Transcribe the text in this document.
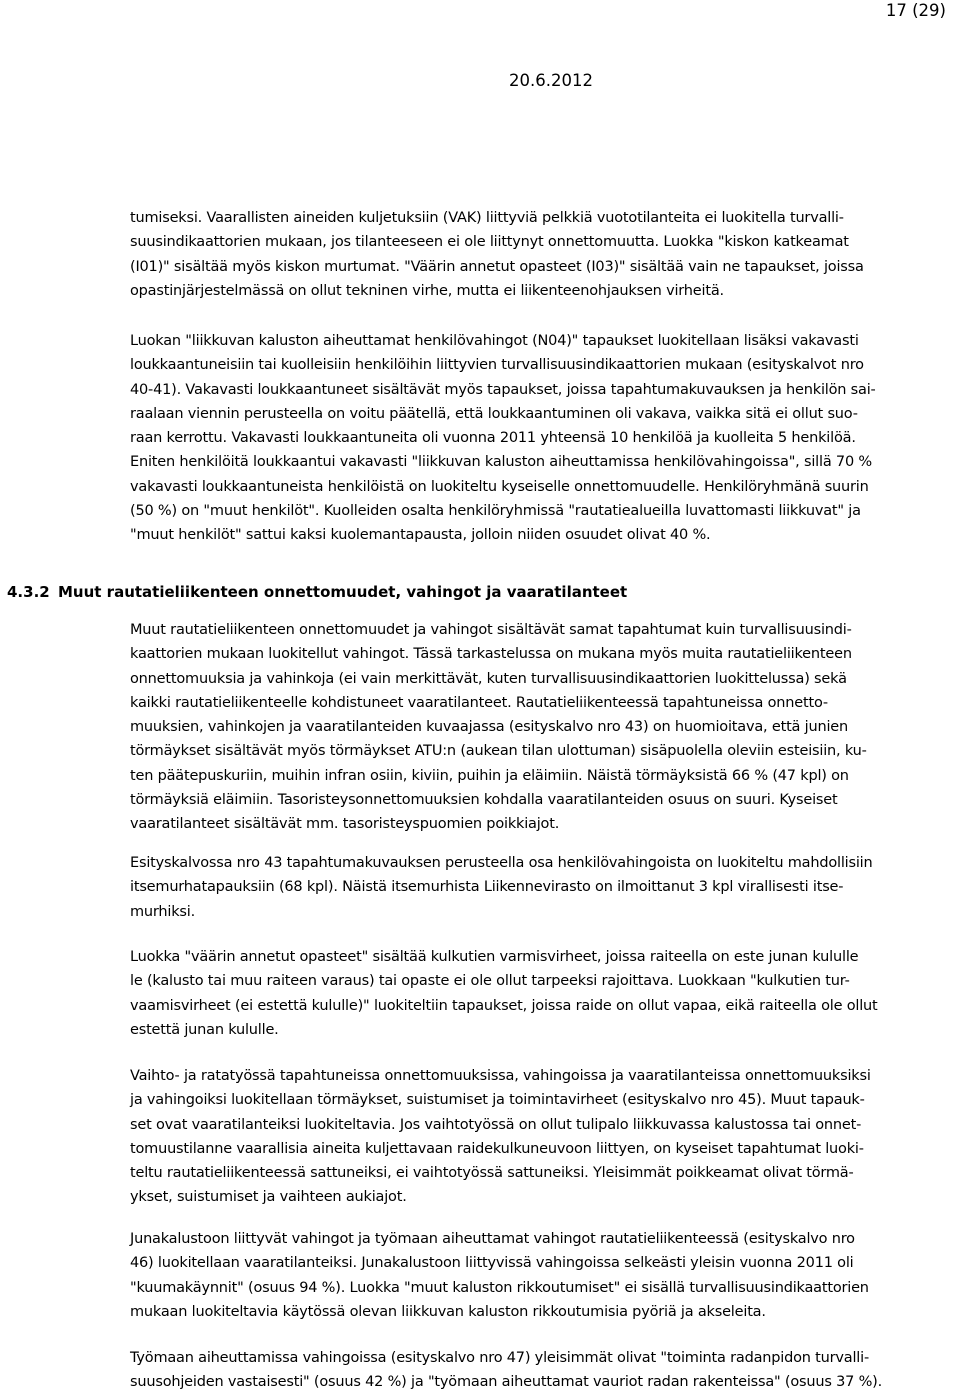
17 (29)
20.6.2012

tumiseksi. Vaarallisten aineiden kuljetuksiin (VAK) liittyviä pelkkiä vuototilanteita ei luokitella turvalli-
suusindikaattorien mukaan, jos tilanteeseen ei ole liittynyt onnettomuutta. Luokka "kiskon katkeamat
(I01)" sisältää myös kiskon murtumat. "Väärin annetut opasteet (I03)" sisältää vain ne tapaukset, joissa
opastinjärjestelmässä on ollut tekninen virhe, mutta ei liikenteenohjauksen virheitä.

Luokan "liikkuvan kaluston aiheuttamat henkilövahingot (N04)" tapaukset luokitellaan lisäksi vakavasti
loukkaantuneisiin tai kuolleisiin henkilöihin liittyvien turvallisuusindikaattorien mukaan (esityskalvot nro
40-41). Vakavasti loukkaantuneet sisältävät myös tapaukset, joissa tapahtumakuvauksen ja henkilön sai-
raalaan viennin perusteella on voitu päätellä, että loukkaantuminen oli vakava, vaikka sitä ei ollut suo-
raan kerrottu. Vakavasti loukkaantuneita oli vuonna 2011 yhteensä 10 henkilöä ja kuolleita 5 henkilöä.
Eniten henkilöitä loukkaantui vakavasti "liikkuvan kaluston aiheuttamissa henkilövahingoissa", sillä 70 %
vakavasti loukkaantuneista henkilöistä on luokiteltu kyseiselle onnettomuudelle. Henkilöryhmänä suurin
(50 %) on "muut henkilöt". Kuolleiden osalta henkilöryhmissä "rautatiealueilla luvattomasti liikkuvat" ja
"muut henkilöt" sattui kaksi kuolemantapausta, jolloin niiden osuudet olivat 40 %.

4.3.2 Muut rautatieliikenteen onnettomuudet, vahingot ja vaaratilanteet

Muut rautatieliikenteen onnettomuudet ja vahingot sisältävät samat tapahtumat kuin turvallisuusindi-
kaattorien mukaan luokitellut vahingot. Tässä tarkastelussa on mukana myös muita rautatieliikenteen
onnettomuuksia ja vahinkoja (ei vain merkittävät, kuten turvallisuusindikaattorien luokittelussa) sekä
kaikki rautatieliikenteelle kohdistuneet vaaratilanteet. Rautatieliikenteessä tapahtuneissa onnetto-
muuksien, vahinkojen ja vaaratilanteiden kuvaajassa (esityskalvo nro 43) on huomioitava, että junien
törmäykset sisältävät myös törmäykset ATU:n (aukean tilan ulottuman) sisäpuolella oleviin esteisiin, ku-
ten päätepuskuriin, muihin infran osiin, kiviin, puihin ja eläimiin. Näistä törmäyksistä 66 % (47 kpl) on
törmäyksiä eläimiin. Tasoristeysonnettomuuksien kohdalla vaaratilanteiden osuus on suuri. Kyseiset
vaaratilanteet sisältävät mm. tasoristeyspuomien poikkiajot.

Esityskalvossa nro 43 tapahtumakuvauksen perusteella osa henkilövahingoista on luokiteltu mahdollisiin
itsemurhatapauksiin (68 kpl). Näistä itsemurhista Liikennevirasto on ilmoittanut 3 kpl virallisesti itse-
murhiksi.

Luokka "väärin annetut opasteet" sisältää kulkutien varmisvirheet, joissa raiteella on este junan kululle
le (kalusto tai muu raiteen varaus) tai opaste ei ole ollut tarpeeksi rajoittava. Luokkaan "kulkutien tur-
vaamisvirheet (ei estettä kululle)" luokiteltiin tapaukset, joissa raide on ollut vapaa, eikä raiteella ole ollut
estettä junan kululle.

Vaihto- ja ratatyössä tapahtuneissa onnettomuuksissa, vahingoissa ja vaaratilanteissa onnettomuuksiksi
ja vahingoiksi luokitellaan törmäykset, suistumiset ja toimintavirheet (esityskalvo nro 45). Muut tapauk-
set ovat vaaratilanteiksi luokiteltavia. Jos vaihtotyössä on ollut tulipalo liikkuvassa kalustossa tai onnet-
tomuustilanne vaarallisia aineita kuljettavaan raidekulkuneuvoon liittyen, on kyseiset tapahtumat luoki-
teltu rautatieliikenteessä sattuneiksi, ei vaihtotyössä sattuneiksi. Yleisimmät poikkeamat olivat törmä-
ykset, suistumiset ja vaihteen aukiajot.

Junakalustoon liittyvät vahingot ja työmaan aiheuttamat vahingot rautatieliikenteessä (esityskalvo nro
46) luokitellaan vaaratilanteiksi. Junakalustoon liittyvissä vahingoissa selkeästi yleisin vuonna 2011 oli
"kuumakäynnit" (osuus 94 %). Luokka "muut kaluston rikkoutumiset" ei sisällä turvallisuusindikaattorien
mukaan luokiteltavia käytössä olevan liikkuvan kaluston rikkoutumisia pyöriä ja akseleita.

Työmaan aiheuttamissa vahingoissa (esityskalvo nro 47) yleisimmät olivat "toiminta radanpidon turvalli-
suusohjeiden vastaisesti" (osuus 42 %) ja "työmaan aiheuttamat vauriot radan rakenteissa" (osuus 37 %).
